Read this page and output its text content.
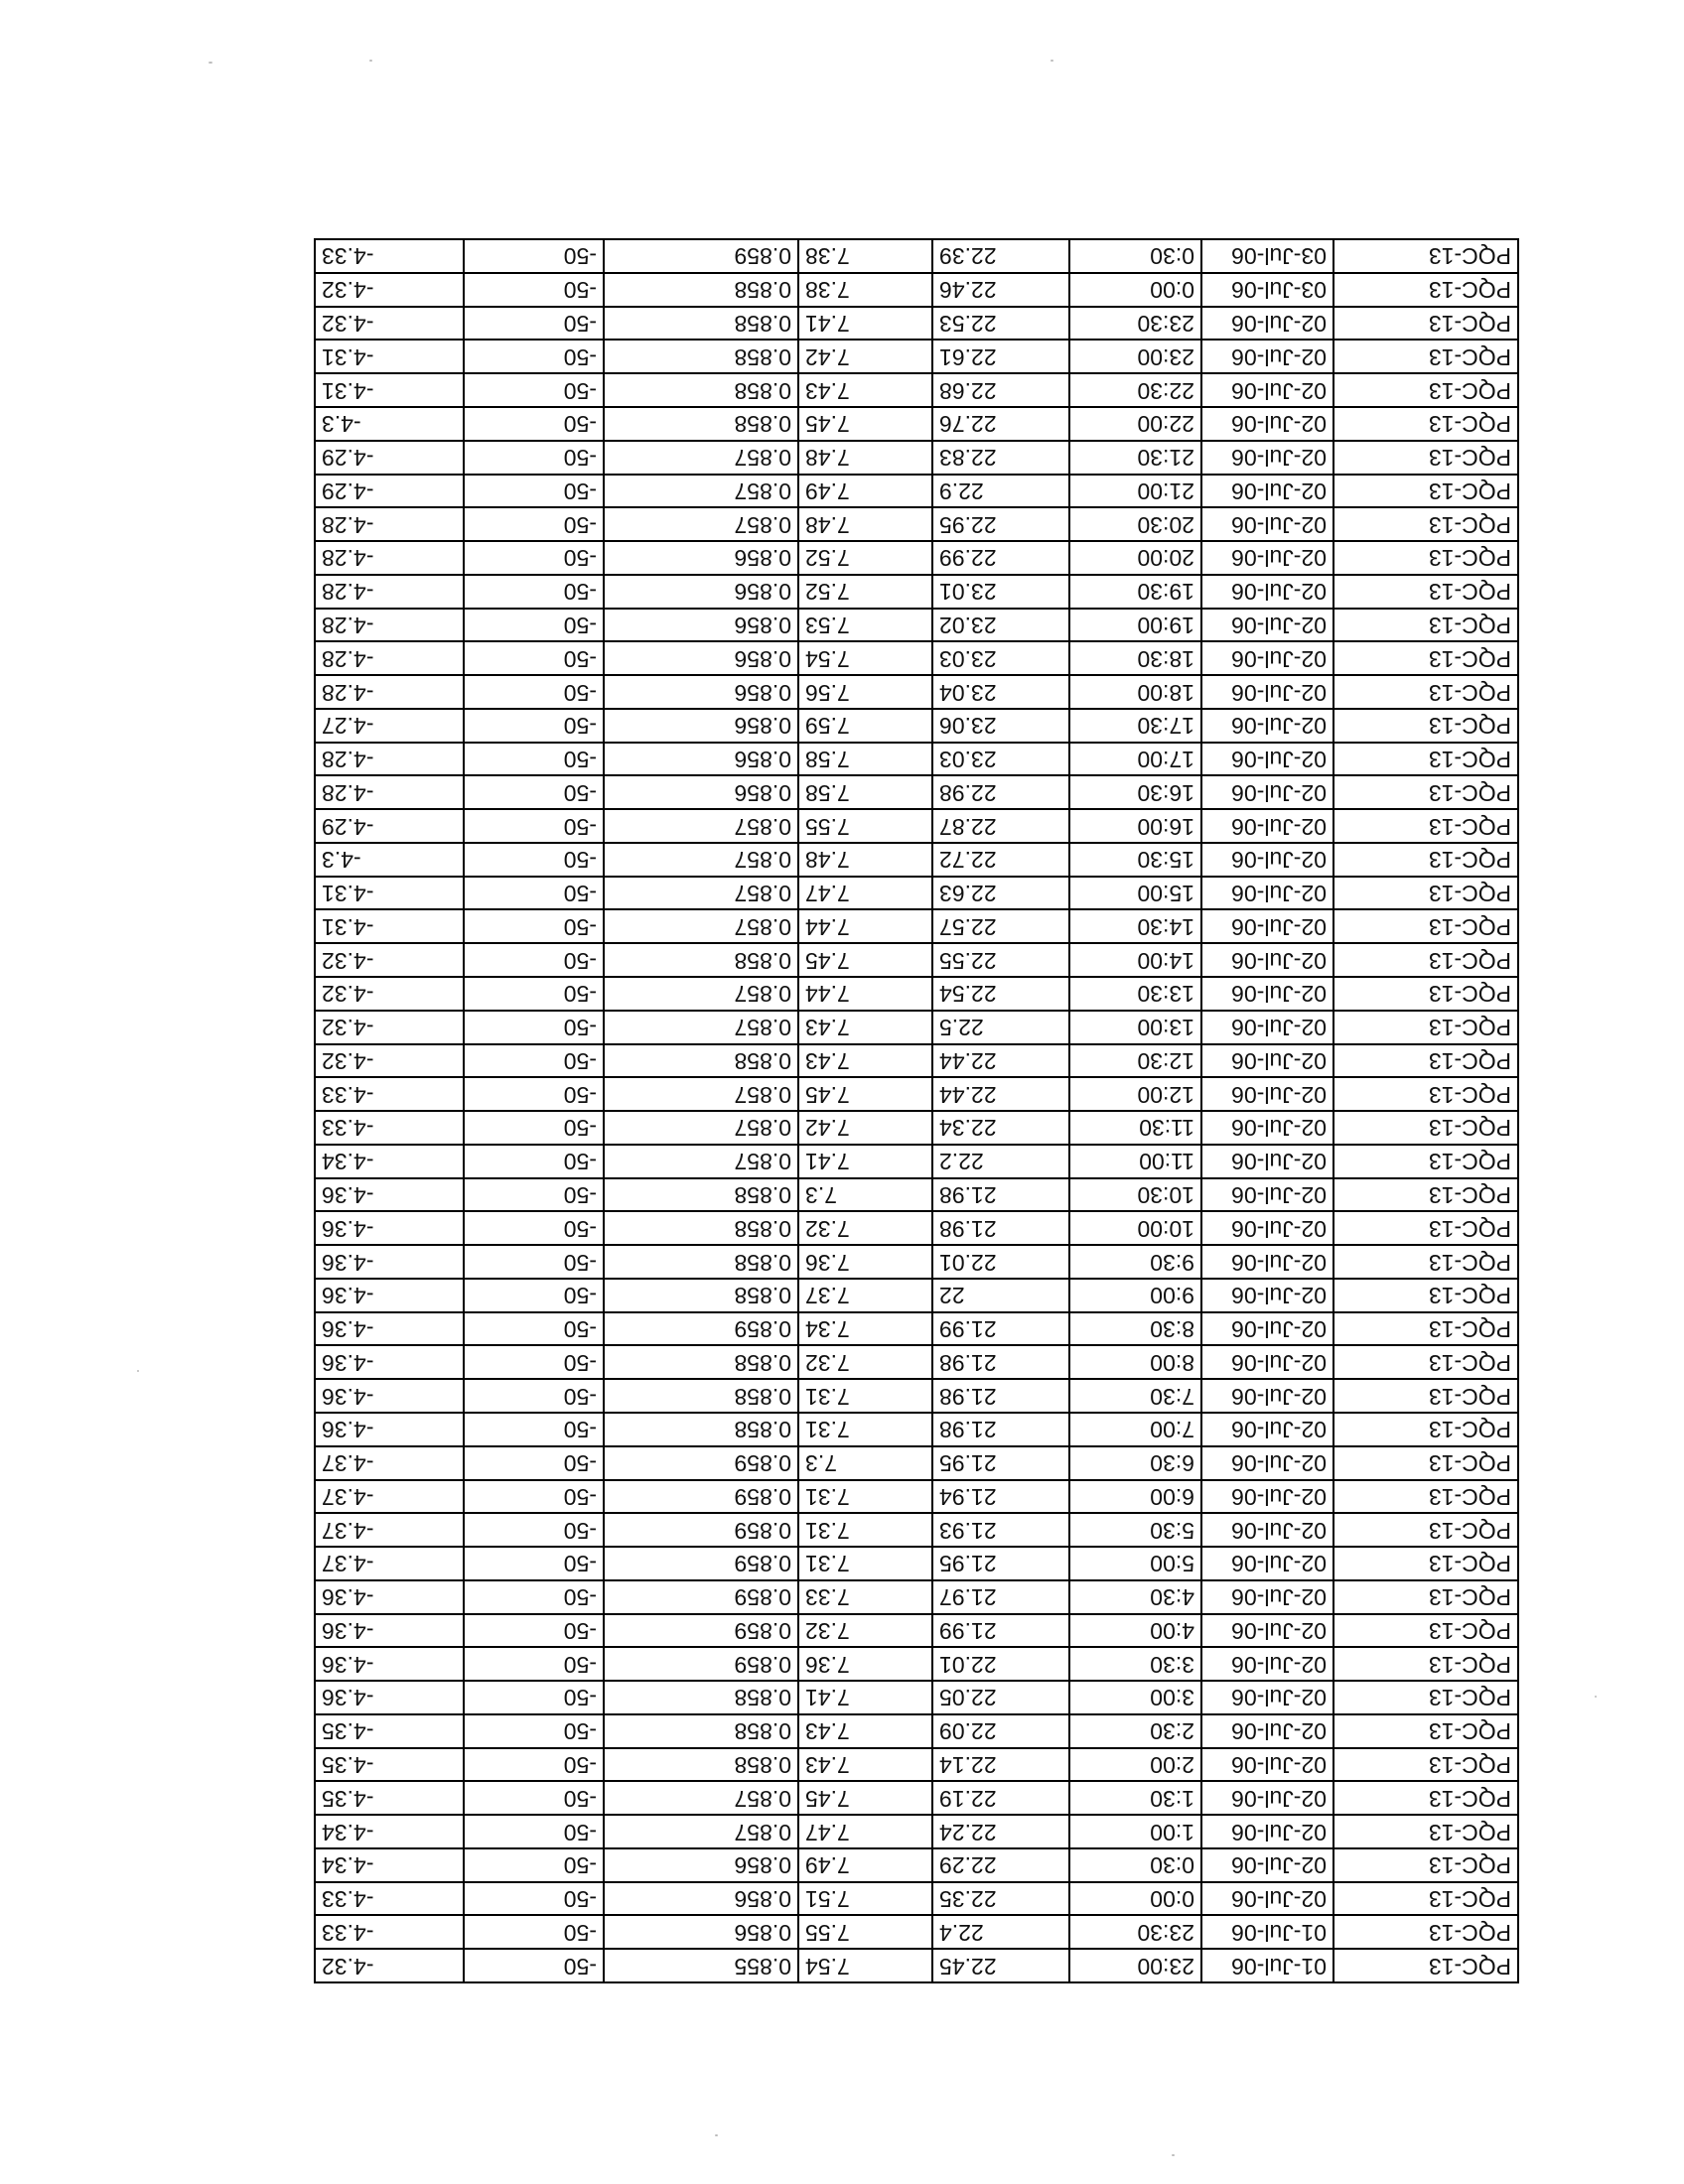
PQC-13	01-Jul-06	23:00	22.45	7.54	0.855	-50	-4.32
PQC-13	01-Jul-06	23:30	22.4	7.55	0.856	-50	-4.33
PQC-13	02-Jul-06	0:00	22.35	7.51	0.856	-50	-4.33
PQC-13	02-Jul-06	0:30	22.29	7.49	0.856	-50	-4.34
PQC-13	02-Jul-06	1:00	22.24	7.47	0.857	-50	-4.34
PQC-13	02-Jul-06	1:30	22.19	7.45	0.857	-50	-4.35
PQC-13	02-Jul-06	2:00	22.14	7.43	0.858	-50	-4.35
PQC-13	02-Jul-06	2:30	22.09	7.43	0.858	-50	-4.35
PQC-13	02-Jul-06	3:00	22.05	7.41	0.858	-50	-4.36
PQC-13	02-Jul-06	3:30	22.01	7.36	0.859	-50	-4.36
PQC-13	02-Jul-06	4:00	21.99	7.32	0.859	-50	-4.36
PQC-13	02-Jul-06	4:30	21.97	7.33	0.859	-50	-4.36
PQC-13	02-Jul-06	5:00	21.95	7.31	0.859	-50	-4.37
PQC-13	02-Jul-06	5:30	21.93	7.31	0.859	-50	-4.37
PQC-13	02-Jul-06	6:00	21.94	7.31	0.859	-50	-4.37
PQC-13	02-Jul-06	6:30	21.95	7.3	0.859	-50	-4.37
PQC-13	02-Jul-06	7:00	21.98	7.31	0.858	-50	-4.36
PQC-13	02-Jul-06	7:30	21.98	7.31	0.858	-50	-4.36
PQC-13	02-Jul-06	8:00	21.98	7.32	0.858	-50	-4.36
PQC-13	02-Jul-06	8:30	21.99	7.34	0.859	-50	-4.36
PQC-13	02-Jul-06	9:00	22	7.37	0.858	-50	-4.36
PQC-13	02-Jul-06	9:30	22.01	7.36	0.858	-50	-4.36
PQC-13	02-Jul-06	10:00	21.98	7.32	0.858	-50	-4.36
PQC-13	02-Jul-06	10:30	21.98	7.3	0.858	-50	-4.36
PQC-13	02-Jul-06	11:00	22.2	7.41	0.857	-50	-4.34
PQC-13	02-Jul-06	11:30	22.34	7.42	0.857	-50	-4.33
PQC-13	02-Jul-06	12:00	22.44	7.45	0.857	-50	-4.33
PQC-13	02-Jul-06	12:30	22.44	7.43	0.858	-50	-4.32
PQC-13	02-Jul-06	13:00	22.5	7.43	0.857	-50	-4.32
PQC-13	02-Jul-06	13:30	22.54	7.44	0.857	-50	-4.32
PQC-13	02-Jul-06	14:00	22.55	7.45	0.858	-50	-4.32
PQC-13	02-Jul-06	14:30	22.57	7.44	0.857	-50	-4.31
PQC-13	02-Jul-06	15:00	22.63	7.47	0.857	-50	-4.31
PQC-13	02-Jul-06	15:30	22.72	7.48	0.857	-50	-4.3
PQC-13	02-Jul-06	16:00	22.87	7.55	0.857	-50	-4.29
PQC-13	02-Jul-06	16:30	22.98	7.58	0.856	-50	-4.28
PQC-13	02-Jul-06	17:00	23.03	7.58	0.856	-50	-4.28
PQC-13	02-Jul-06	17:30	23.06	7.59	0.856	-50	-4.27
PQC-13	02-Jul-06	18:00	23.04	7.56	0.856	-50	-4.28
PQC-13	02-Jul-06	18:30	23.03	7.54	0.856	-50	-4.28
PQC-13	02-Jul-06	19:00	23.02	7.53	0.856	-50	-4.28
PQC-13	02-Jul-06	19:30	23.01	7.52	0.856	-50	-4.28
PQC-13	02-Jul-06	20:00	22.99	7.52	0.856	-50	-4.28
PQC-13	02-Jul-06	20:30	22.95	7.48	0.857	-50	-4.28
PQC-13	02-Jul-06	21:00	22.9	7.49	0.857	-50	-4.29
PQC-13	02-Jul-06	21:30	22.83	7.48	0.857	-50	-4.29
PQC-13	02-Jul-06	22:00	22.76	7.45	0.858	-50	-4.3
PQC-13	02-Jul-06	22:30	22.68	7.43	0.858	-50	-4.31
PQC-13	02-Jul-06	23:00	22.61	7.42	0.858	-50	-4.31
PQC-13	02-Jul-06	23:30	22.53	7.41	0.858	-50	-4.32
PQC-13	03-Jul-06	0:00	22.46	7.38	0.858	-50	-4.32
PQC-13	03-Jul-06	0:30	22.39	7.38	0.859	-50	-4.33
